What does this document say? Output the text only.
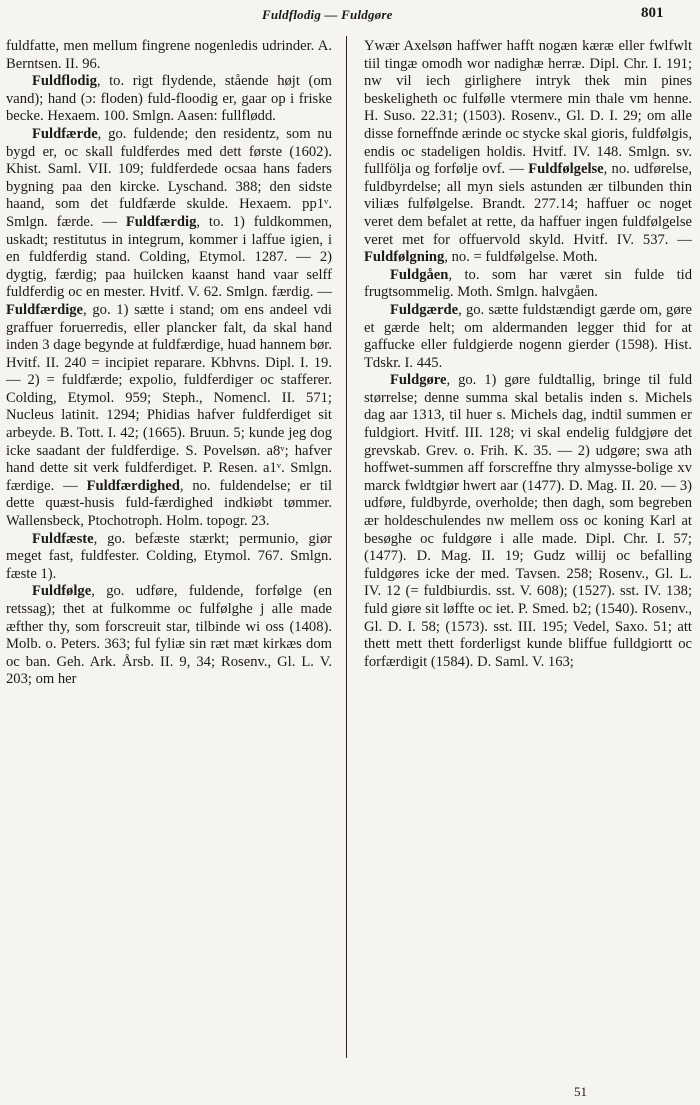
Fuldflodig — Fuldgøre	801

fuldfatte, men mellum fingrene nogenledis udrinder. A. Berntsen. II. 96.

Fuldflodig, to. rigt flydende, stående højt (om vand); hand (ɔ: floden) fuld-floodig er, gaar op i friske becke. Hexaem. 100. Smlgn. Aasen: fullflødd.

Fuldfærde, go. fuldende; den residentz, som nu bygd er, oc skall fuldferdes med dett første (1602). Khist. Saml. VII. 109; fuldferdede ocsaa hans faders bygning paa den kircke. Lyschand. 388; den sidste haand, som det fuldfærde skulde. Hexaem. pp1ᵛ. Smlgn. færde. — Fuldfærdig, to. 1) fuldkommen, uskadt; restitutus in integrum, kommer i laffue igien, i en fuldferdig stand. Colding, Etymol. 1287. — 2) dygtig, færdig; paa huilcken kaanst hand vaar selff fuldferdig oc en mester. Hvitf. V. 62. Smlgn. færdig. — Fuldfærdige, go. 1) sætte i stand; om ens andeel vdi graffuer foruerredis, eller plancker falt, da skal hand inden 3 dage begynde at fuldfærdige, huad hannem bør. Hvitf. II. 240 = incipiet reparare. Kbhvns. Dipl. I. 19. — 2) = fuldfærde; expolio, fuldferdiger oc stafferer. Colding, Etymol. 959; Steph., Nomencl. II. 571; Nucleus latinit. 1294; Phidias hafver fuldferdiget sit arbeyde. B. Tott. I. 42; (1665). Bruun. 5; kunde jeg dog icke saadant der fuldferdige. S. Povelsøn. a8ᵛ; hafver hand dette sit verk fuldferdiget. P. Resen. a1ᵛ. Smlgn. færdige. — Fuldfærdighed, no. fuldendelse; er til dette quæst-husis fuld-færdighed indkiøbt tømmer. Wallensbeck, Ptochotroph. Holm. topogr. 23.

Fuldfæste, go. befæste stærkt; permunio, giør meget fast, fuldfester. Colding, Etymol. 767. Smlgn. fæste 1).

Fuldfølge, go. udføre, fuldende, forfølge (en retssag); thet at fulkomme oc fulfølghe j alle made æfther thy, som forscreuit star, tilbinde wi oss (1408). Molb. o. Peters. 363; ful fyliæ sin ræt mæt kirkæs dom oc ban. Geh. Ark. Årsb. II. 9, 34; Rosenv., Gl. L. V. 203; om her

Ywær Axelsøn haffwer hafft nogæn kæræ eller fwlfwlt tiil tingæ omodh wor nadighæ herræ. Dipl. Chr. I. 191; nw vil iech girlighere intryk thek min pines beskeligheth oc fulfølle vtermere min thale vm henne. H. Suso. 22.31; (1503). Rosenv., Gl. D. I. 29; om alle disse forneffnde ærinde oc stycke skal gioris, fuldfølgis, endis oc stadeligen holdis. Hvitf. IV. 148. Smlgn. sv. fullfölja og forfølje ovf. — Fuldfølgelse, no. udførelse, fuldbyrdelse; all myn siels astunden ær tilbunden thin viliæs fulfølgelse. Brandt. 277.14; haffuer oc noget veret dem befalet at rette, da haffuer ingen fuldfølgelse veret met for offuervold skyld. Hvitf. IV. 537. — Fuldfølgning, no. = fuldfølgelse. Moth.

Fuldgåen, to. som har været sin fulde tid frugtsommelig. Moth. Smlgn. halvgåen.

Fuldgærde, go. sætte fuldstændigt gærde om, gøre et gærde helt; om aldermanden legger thid for at gaffucke eller fuldgierde nogenn gierder (1598). Hist. Tdskr. I. 445.

Fuldgøre, go. 1) gøre fuldtallig, bringe til fuld størrelse; denne summa skal betalis inden s. Michels dag aar 1313, til huer s. Michels dag, indtil summen er fuldgiort. Hvitf. III. 128; vi skal endelig fuldgjøre det grevskab. Grev. o. Frih. K. 35. — 2) udgøre; swa ath hoffwet-summen aff forscreffne thry almysse-bolige xv marck fwldtgiør hwert aar (1477). D. Mag. II. 20. — 3) udføre, fuldbyrde, overholde; then dagh, som begreben ær holdeschulendes nw mellem oss oc koning Karl at besøghe oc fuldgøre i alle made. Dipl. Chr. I. 57; (1477). D. Mag. II. 19; Gudz willij oc befalling fuldgøres icke der med. Tavsen. 258; Rosenv., Gl. L. IV. 12 (= fuldbiurdis. sst. V. 608); (1527). sst. IV. 138; fuld giøre sit løffte oc iet. P. Smed. b2; (1540). Rosenv., Gl. D. I. 58; (1573). sst. III. 195; Vedel, Saxo. 51; att thett mett thett forderligst kunde bliffue fulldgiortt oc forfærdigit (1584). D. Saml. V. 163;

51
